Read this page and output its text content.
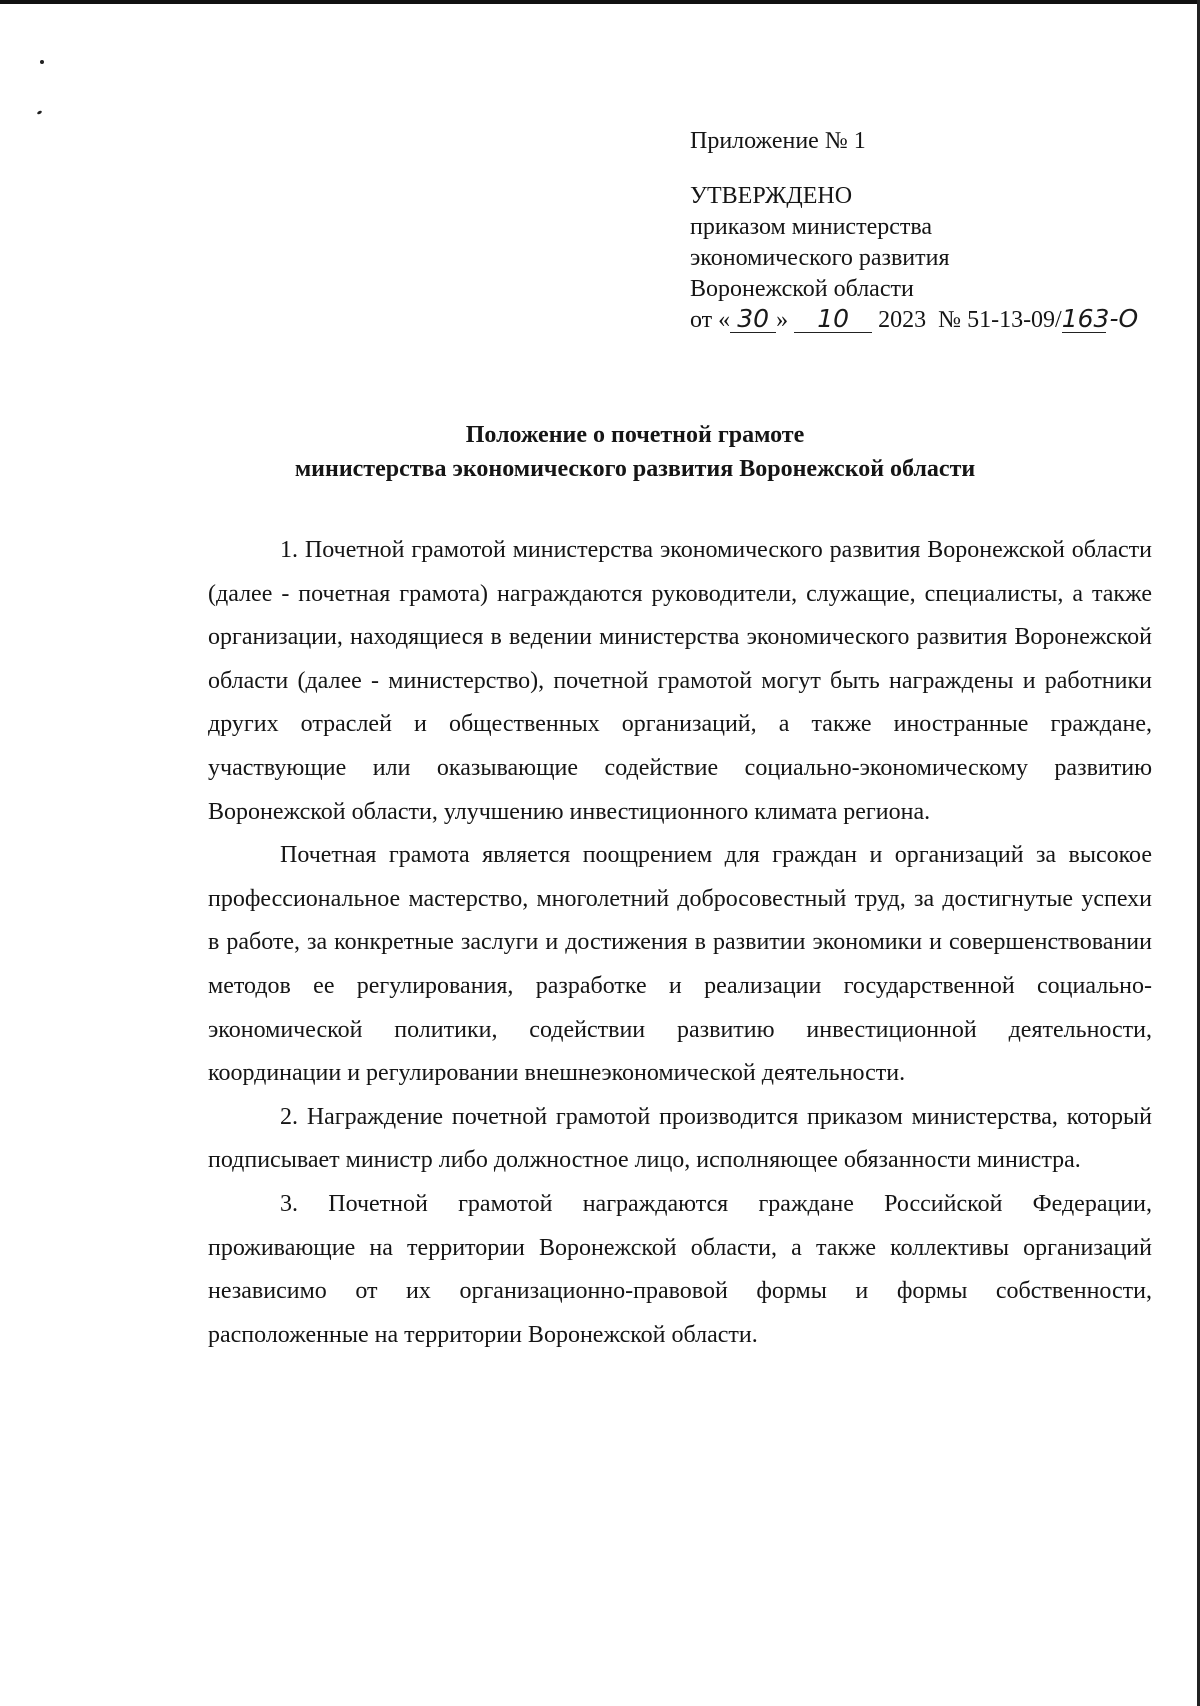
Приложение № 1
УТВЕРЖДЕНО
приказом министерства
экономического развития
Воронежской области
от « 30 » 10 2023 № 51-13-09/163-О
Положение о почетной грамоте
министерства экономического развития Воронежской области

1. Почетной грамотой министерства экономического развития Воронежской области (далее - почетная грамота) награждаются руководители, служащие, специалисты, а также организации, находящиеся в ведении министерства экономического развития Воронежской области (далее - министерство), почетной грамотой могут быть награждены и работники других отраслей и общественных организаций, а также иностранные граждане, участвующие или оказывающие содействие социально-экономическому развитию Воронежской области, улучшению инвестиционного климата региона.

Почетная грамота является поощрением для граждан и организаций за высокое профессиональное мастерство, многолетний добросовестный труд, за достигнутые успехи в работе, за конкретные заслуги и достижения в развитии экономики и совершенствовании методов ее регулирования, разработке и реализации государственной социально-экономической политики, содействии развитию инвестиционной деятельности, координации и регулировании внешнеэкономической деятельности.

2. Награждение почетной грамотой производится приказом министерства, который подписывает министр либо должностное лицо, исполняющее обязанности министра.

3. Почетной грамотой награждаются граждане Российской Федерации, проживающие на территории Воронежской области, а также коллективы организаций независимо от их организационно-правовой формы и формы собственности, расположенные на территории Воронежской области.
